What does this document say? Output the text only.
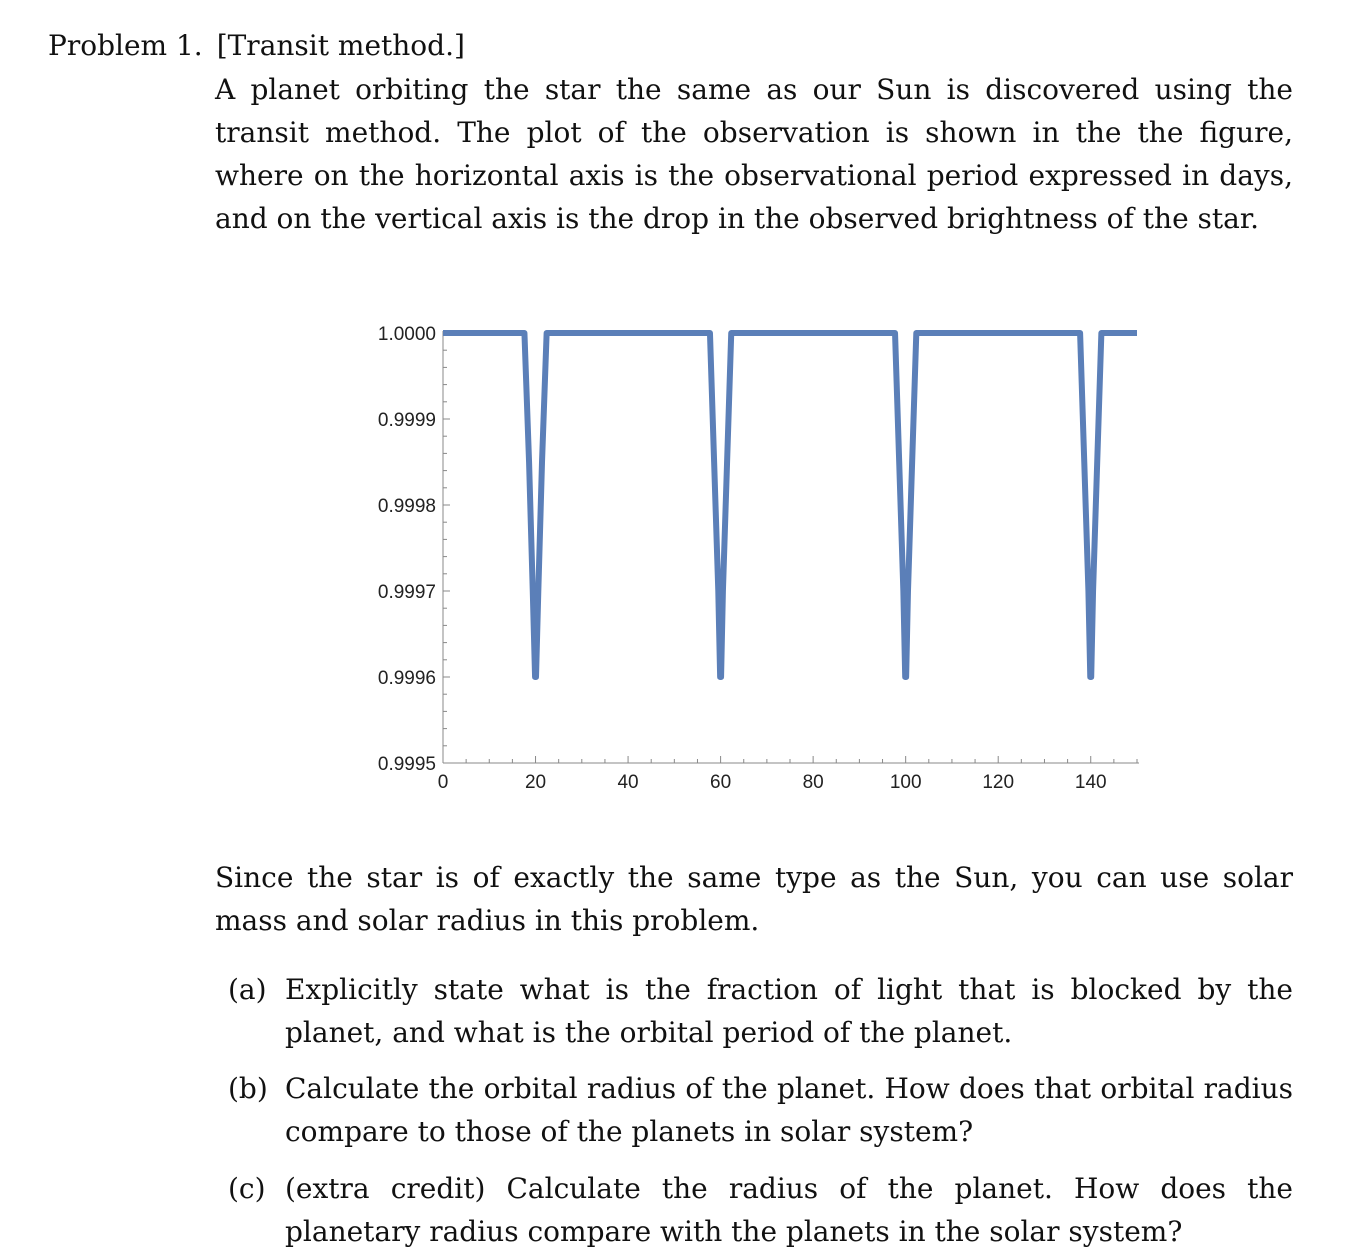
Problem 1. [Transit method.]
A planet orbiting the star the same as our Sun is discovered using the transit method. The plot of the observation is shown in the the figure, where on the horizontal axis is the observational period expressed in days, and on the vertical axis is the drop in the observed brightness of the star.
0	20	40	60	80	100	120	140
1.0000
0.9999
0.9998
0.9997
0.9996
0.9995
Since the star is of exactly the same type as the Sun, you can use solar mass and solar radius in this problem.
(a) Explicitly state what is the fraction of light that is blocked by the planet, and what is the orbital period of the planet.
(b) Calculate the orbital radius of the planet. How does that orbital radius compare to those of the planets in solar system?
(c) (extra credit) Calculate the radius of the planet. How does the planetary radius compare with the planets in the solar system?
